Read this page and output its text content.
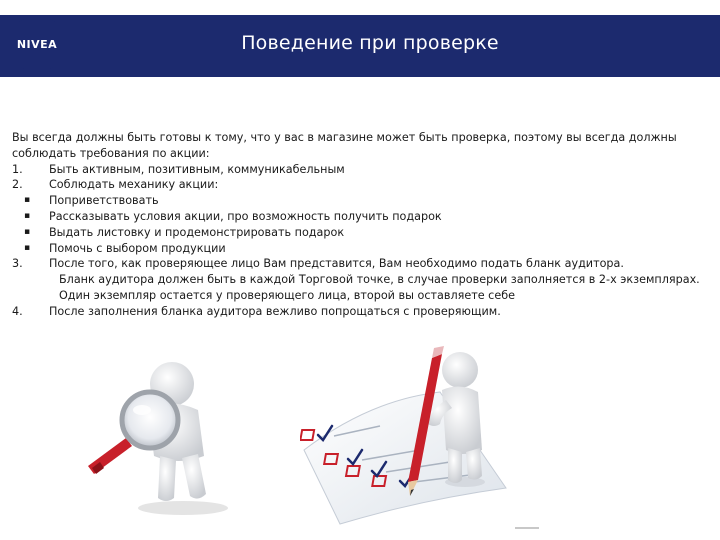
NIVEA	Поведение при проверке

Вы всегда должны быть готовы к тому, что у вас в магазине может быть проверка, поэтому вы всегда должны соблюдать требования по акции:

1. Быть активным, позитивным, коммуникабельным
2. Соблюдать механику акции:
▪ Поприветствовать
▪ Рассказывать условия акции, про возможность получить подарок
▪ Выдать листовку и продемонстрировать подарок
▪ Помочь с выбором продукции
3. После того, как проверяющее лицо Вам представится, Вам необходимо подать бланк аудитора.
Бланк аудитора должен быть в каждой Торговой точке, в случае проверки заполняется в 2-х экземплярах. Один экземпляр остается у проверяющего лица, второй вы оставляете себе
4. После заполнения бланка аудитора вежливо попрощаться с проверяющим.
